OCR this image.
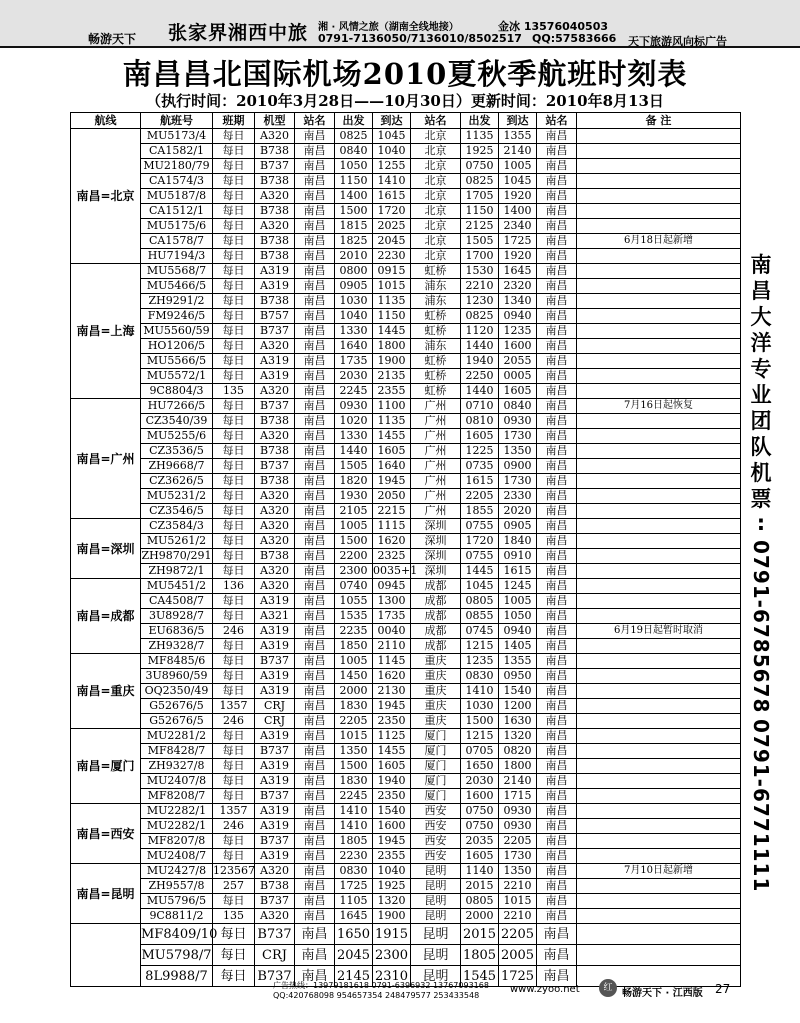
畅游天下 张家界湘西中旅 湘 · 风情之旅（湖南全线地接）
0791-7136050/7136010/8502517
金冰 13576040503
QQ:57583666 天下旅游风向标广告
南昌昌北国际机场2010夏秋季航班时刻表
（执行时间：2010年3月28日——10月30日）更新时间：2010年8月13日
航线	航班号	班期	机型	站名	出发	到达	站名	出发	到达	站名	备 注
南昌=北京	MU5173/4	每日	A320	南昌	0825	1045	北京	1135	1355	南昌	
	CA1582/1	每日	B738	南昌	0840	1040	北京	1925	2140	南昌	
	MU2180/79	每日	B737	南昌	1050	1255	北京	0750	1005	南昌	
	CA1574/3	每日	B738	南昌	1150	1410	北京	0825	1045	南昌	
	MU5187/8	每日	A320	南昌	1400	1615	北京	1705	1920	南昌	
	CA1512/1	每日	B738	南昌	1500	1720	北京	1150	1400	南昌	
	MU5175/6	每日	A320	南昌	1815	2025	北京	2125	2340	南昌	
	CA1578/7	每日	B738	南昌	1825	2045	北京	1505	1725	南昌	6月18日起新增
	HU7194/3	每日	B738	南昌	2010	2230	北京	1700	1920	南昌	
南昌=上海	MU5568/7	每日	A319	南昌	0800	0915	虹桥	1530	1645	南昌	
	MU5466/5	每日	A319	南昌	0905	1015	浦东	2210	2320	南昌	
	ZH9291/2	每日	B738	南昌	1030	1135	浦东	1230	1340	南昌	
	FM9246/5	每日	B757	南昌	1040	1150	虹桥	0825	0940	南昌	
	MU5560/59	每日	B737	南昌	1330	1445	虹桥	1120	1235	南昌	
	HO1206/5	每日	A320	南昌	1640	1800	浦东	1440	1600	南昌	
	MU5566/5	每日	A319	南昌	1735	1900	虹桥	1940	2055	南昌	
	MU5572/1	每日	A319	南昌	2030	2135	虹桥	2250	0005	南昌	
	9C8804/3	135	A320	南昌	2245	2355	虹桥	1440	1605	南昌	
南昌=广州	HU7266/5	每日	B737	南昌	0930	1100	广州	0710	0840	南昌	7月16日起恢复
	CZ3540/39	每日	B738	南昌	1020	1135	广州	0810	0930	南昌	
	MU5255/6	每日	A320	南昌	1330	1455	广州	1605	1730	南昌	
	CZ3536/5	每日	B738	南昌	1440	1605	广州	1225	1350	南昌	
	ZH9668/7	每日	B737	南昌	1505	1640	广州	0735	0900	南昌	
	CZ3626/5	每日	B738	南昌	1820	1945	广州	1615	1730	南昌	
	MU5231/2	每日	A320	南昌	1930	2050	广州	2205	2330	南昌	
	CZ3546/5	每日	A320	南昌	2105	2215	广州	1855	2020	南昌	
南昌=深圳	CZ3584/3	每日	A320	南昌	1005	1115	深圳	0755	0905	南昌	
	MU5261/2	每日	A320	南昌	1500	1620	深圳	1720	1840	南昌	
	ZH9870/291	每日	B738	南昌	2200	2325	深圳	0755	0910	南昌	
	ZH9872/1	每日	A320	南昌	2300	0035+1	深圳	1445	1615	南昌	
南昌=成都	MU5451/2	136	A320	南昌	0740	0945	成都	1045	1245	南昌	
	CA4508/7	每日	A319	南昌	1055	1300	成都	0805	1005	南昌	
	3U8928/7	每日	A321	南昌	1535	1735	成都	0855	1050	南昌	
	EU6836/5	246	A319	南昌	2235	0040	成都	0745	0940	南昌	6月19日起暂时取消
	ZH9328/7	每日	A319	南昌	1850	2110	成都	1215	1405	南昌	
南昌=重庆	MF8485/6	每日	B737	南昌	1005	1145	重庆	1235	1355	南昌	
	3U8960/59	每日	A319	南昌	1450	1620	重庆	0830	0950	南昌	
	OQ2350/49	每日	A319	南昌	2000	2130	重庆	1410	1540	南昌	
	G52676/5	1357	CRJ	南昌	1830	1945	重庆	1030	1200	南昌	
	G52676/5	246	CRJ	南昌	2205	2350	重庆	1500	1630	南昌	
南昌=厦门	MU2281/2	每日	A319	南昌	1015	1125	厦门	1215	1320	南昌	
	MF8428/7	每日	B737	南昌	1350	1455	厦门	0705	0820	南昌	
	ZH9327/8	每日	A319	南昌	1500	1605	厦门	1650	1800	南昌	
	MU2407/8	每日	A319	南昌	1830	1940	厦门	2030	2140	南昌	
	MF8208/7	每日	B737	南昌	2245	2350	厦门	1600	1715	南昌	
南昌=西安	MU2282/1	1357	A319	南昌	1410	1540	西安	0750	0930	南昌	
	MU2282/1	246	A319	南昌	1410	1600	西安	0750	0930	南昌	
	MF8207/8	每日	B737	南昌	1805	1945	西安	2035	2205	南昌	
	MU2408/7	每日	A319	南昌	2230	2355	西安	1605	1730	南昌	
南昌=昆明	MU2427/8	123567	A320	南昌	0830	1040	昆明	1140	1350	南昌	7月10日起新增
	ZH9557/8	257	B738	南昌	1725	1925	昆明	2015	2210	南昌	
	MU5796/5	每日	B737	南昌	1105	1320	昆明	0805	1015	南昌	
	9C8811/2	135	A320	南昌	1645	1900	昆明	2000	2210	南昌	
	MF8409/10	每日	B737	南昌	1650	1915	昆明	2015	2205	南昌	
	MU5798/7	每日	CRJ	南昌	2045	2300	昆明	1805	2005	南昌	
	8L9988/7	每日	B737	南昌	2145	2310	昆明	1545	1725	南昌	
南
昌
大
洋
专
业
团
队
机
票
:
0791-6785678
0791-6771111
广告热线：13979181618 0791-6396932 13767093168
QQ:420768098 954657354 248479577 253433548
www.zyoo.net	红 畅游天下 · 江西版 27
